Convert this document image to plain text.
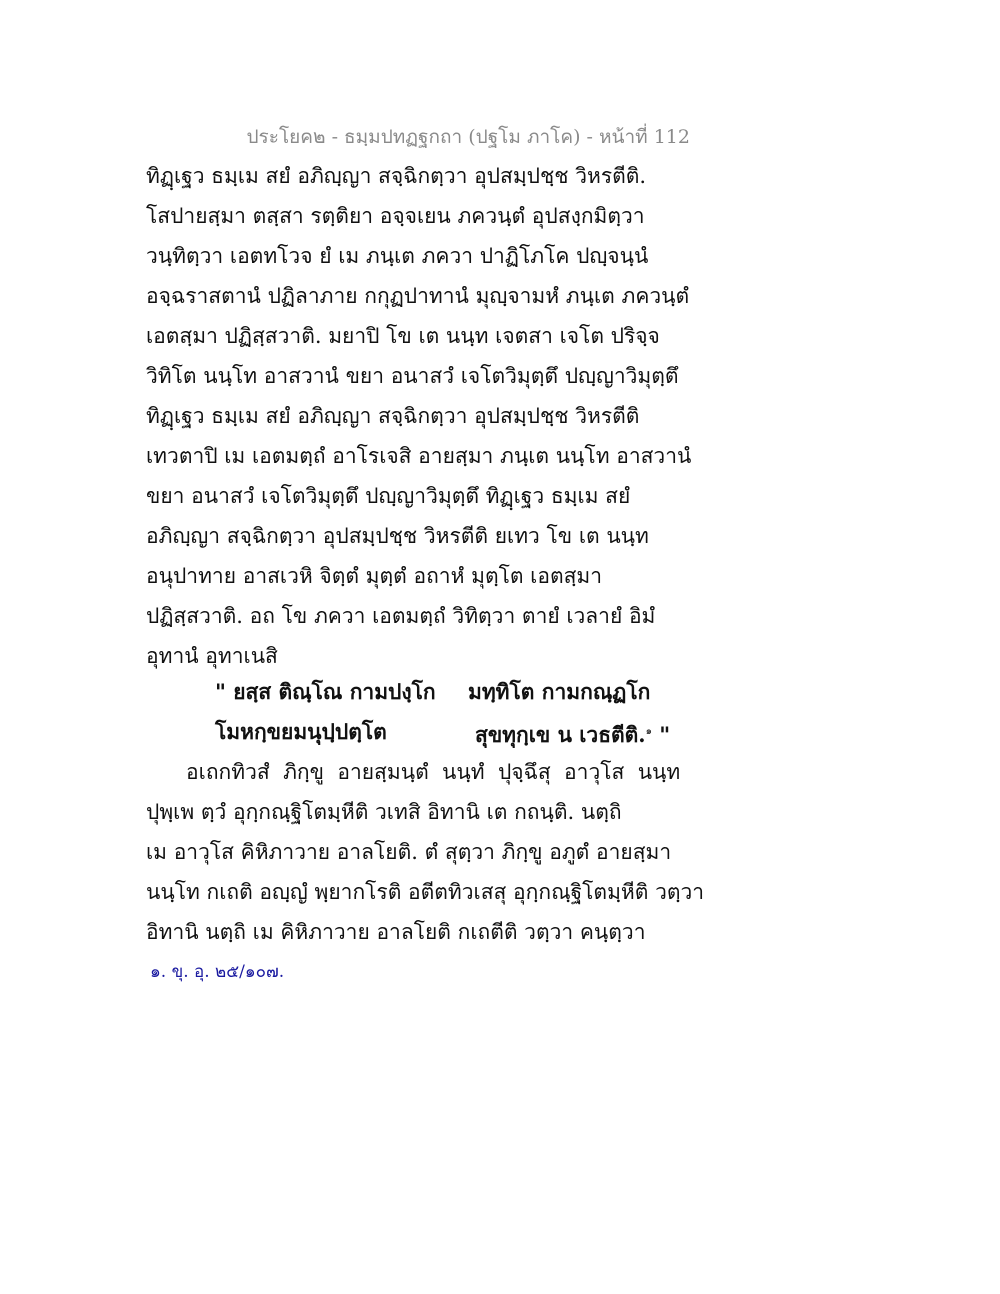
ประโยค๒ - ธมฺมปทฏฐกถา (ปฐโม ภาโค) - หน้าที่ 112
ทิฏฺเฐว ธมฺเม สยํ อภิญฺญา สจฺฉิกตฺวา อุปสมฺปชฺช วิหรตีติ.
โสปายสฺมา ตสฺสา รตฺติยา อจฺจเยน ภควนฺตํ อุปสงฺกมิตฺวา
วนฺทิตฺวา เอตทโวจ ยํ เม ภนฺเต ภควา ปาฏิโภโค ปญฺจนฺนํ
อจฺฉราสตานํ ปฏิลาภาย กกุฏปาทานํ มุญฺจามหํ ภนฺเต ภควนฺตํ
เอตสฺมา ปฏิสฺสวาติ. มยาปิ โข เต นนฺท เจตสา เจโต ปริจฺจ
วิทิโต นนฺโท อาสวานํ ขยา อนาสวํ เจโตวิมุตฺตึ ปญฺญาวิมุตฺตึ
ทิฏฺเฐว ธมฺเม สยํ อภิญฺญา สจฺฉิกตฺวา อุปสมฺปชฺช วิหรตีติ
เทวตาปิ เม เอตมตฺถํ อาโรเจสิ อายสฺมา ภนฺเต นนฺโท อาสวานํ
ขยา อนาสวํ เจโตวิมุตฺตึ ปญฺญาวิมุตฺตึ ทิฏฺเฐว ธมฺเม สยํ
อภิญฺญา สจฺฉิกตฺวา อุปสมฺปชฺช วิหรตีติ ยเทว โข เต นนฺท
อนุปาทาย อาสเวหิ จิตฺตํ มุตฺตํ อถาหํ มุตฺโต เอตสฺมา
ปฏิสฺสวาติ. อถ โข ภควา เอตมตฺถํ วิทิตฺวา ตายํ เวลายํ อิมํ
อุทานํ อุทาเนสิ
" ยสฺส ติณฺโณ กามปงฺโก มทฺทิโต กามกณฺฏโก
โมหกฺขยมนุปฺปตฺโต	สุขทุกฺเข น เวธตีติ.$^๑$ "
อเถกทิวสํ  ภิกฺขู  อายสฺมนฺตํ  นนฺทํ  ปุจฺฉึสุ  อาวุโส  นนฺท
ปุพฺเพ ตฺวํ อุกฺกณฺฐิโตมฺหีติ วเทสิ อิทานิ เต กถนฺติ. นตฺถิ
เม อาวุโส คิหิภาวาย อาลโยติ. ตํ สุตฺวา ภิกฺขู อภูตํ อายสฺมา
นนฺโท กเถติ อญฺญํ พฺยากโรติ อตีตทิวเสสุ อุกฺกณฺฐิโตมฺหีติ วตฺวา
อิทานิ นตฺถิ เม คิหิภาวาย อาลโยติ กเถตีติ วตฺวา คนฺตฺวา
๑. ขุ. อุ. ๒๕/๑๐๗.
